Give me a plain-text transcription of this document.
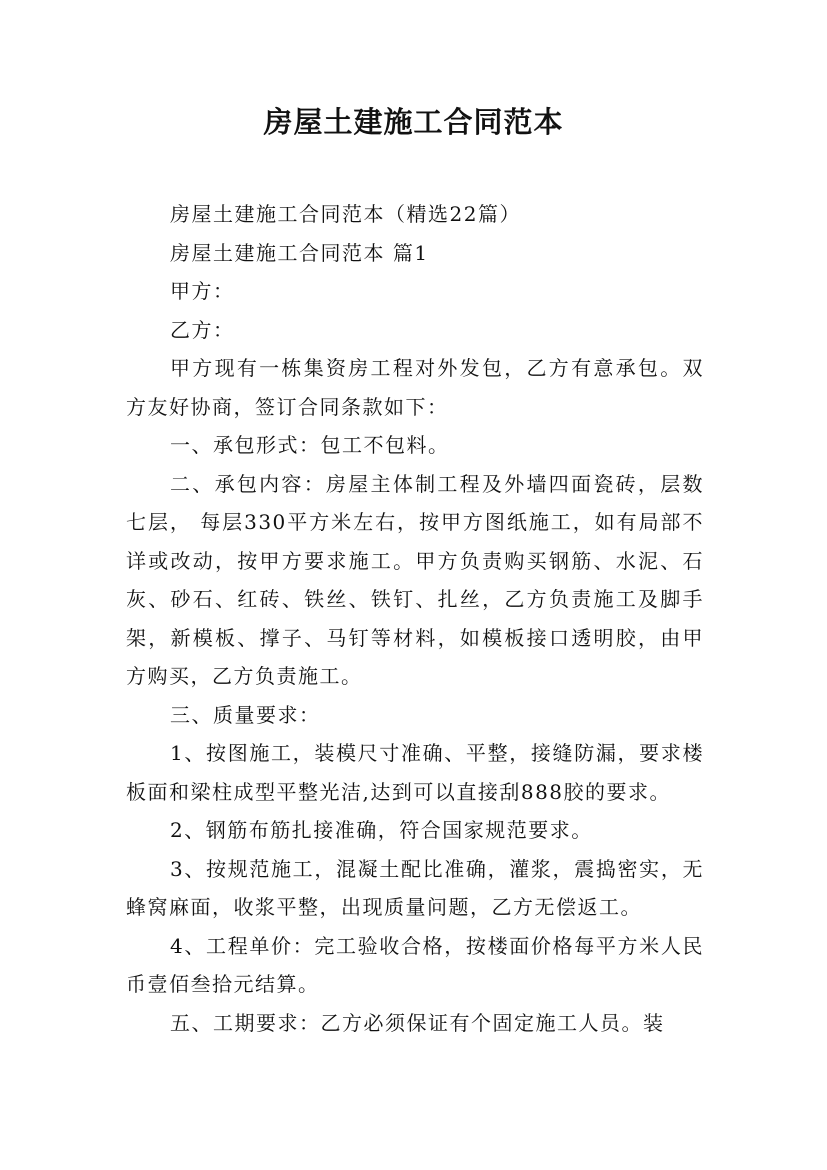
房屋土建施工合同范本

房屋土建施工合同范本（精选22篇）

房屋土建施工合同范本 篇1

甲方：

乙方：

甲方现有一栋集资房工程对外发包，乙方有意承包。双方友好协商，签订合同条款如下：

一、承包形式：包工不包料。

二、承包内容：房屋主体制工程及外墙四面瓷砖，层数七层， 每层330平方米左右，按甲方图纸施工，如有局部不详或改动，按甲方要求施工。甲方负责购买钢筋、水泥、石灰、砂石、红砖、铁丝、铁钉、扎丝，乙方负责施工及脚手架，新模板、撑子、马钉等材料，如模板接口透明胶，由甲方购买，乙方负责施工。

三、质量要求：

1、按图施工，装模尺寸准确、平整，接缝防漏，要求楼板面和梁柱成型平整光洁,达到可以直接刮888胶的要求。

2、钢筋布筋扎接准确，符合国家规范要求。

3、按规范施工，混凝土配比准确，灌浆，震捣密实，无蜂窝麻面，收浆平整，出现质量问题，乙方无偿返工。

4、工程单价：完工验收合格，按楼面价格每平方米人民币壹佰叁拾元结算。

五、工期要求：乙方必须保证有个固定施工人员。装
